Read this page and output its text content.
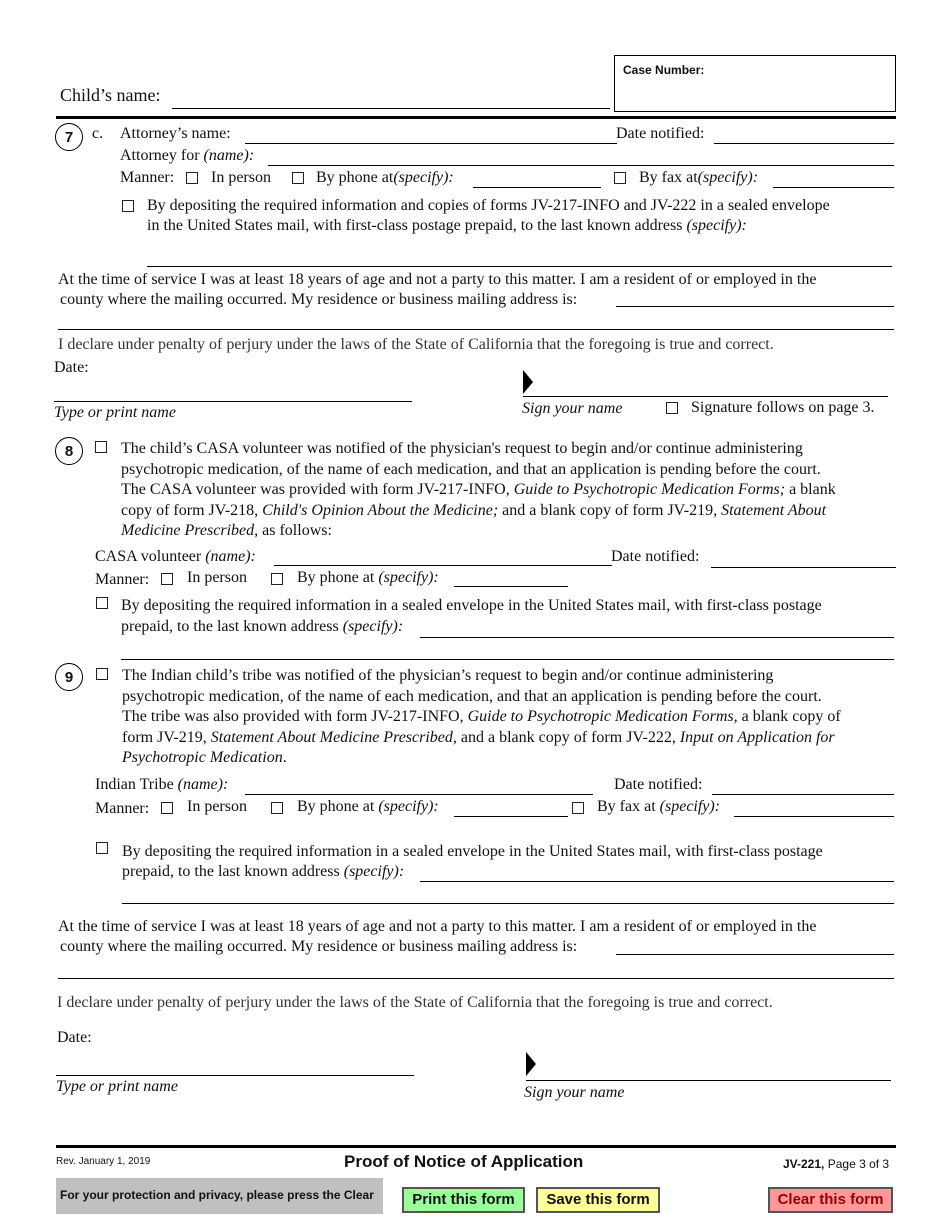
Case Number:
Child’s name:
7	c. Attorney’s name:	Date notified:
Attorney for (name):
Manner: In person	By phone at(specify):	By fax at(specify):
By depositing the required information and copies of forms JV-217-INFO and JV-222 in a sealed envelope
in the United States mail, with first-class postage prepaid, to the last known address (specify):
At the time of service I was at least 18 years of age and not a party to this matter. I am a resident of or employed in the
county where the mailing occurred. My residence or business mailing address is:
I declare under penalty of perjury under the laws of the State of California that the foregoing is true and correct.
Date:
Type or print name	Sign your name	Signature follows on page 3.
8	The child’s CASA volunteer was notified of the physician's request to begin and/or continue administering
psychotropic medication, of the name of each medication, and that an application is pending before the court.
The CASA volunteer was provided with form JV-217-INFO, Guide to Psychotropic Medication Forms; a blank
copy of form JV-218, Child's Opinion About the Medicine; and a blank copy of form JV-219, Statement About
Medicine Prescribed, as follows:
CASA volunteer (name):	Date notified:
Manner: In person	By phone at (specify):
By depositing the required information in a sealed envelope in the United States mail, with first-class postage
prepaid, to the last known address (specify):
9	The Indian child’s tribe was notified of the physician’s request to begin and/or continue administering
psychotropic medication, of the name of each medication, and that an application is pending before the court.
The tribe was also provided with form JV-217-INFO, Guide to Psychotropic Medication Forms, a blank copy of
form JV-219, Statement About Medicine Prescribed, and a blank copy of form JV-222, Input on Application for
Psychotropic Medication.
Indian Tribe (name):	Date notified:
Manner: In person	By phone at (specify):	By fax at (specify):
By depositing the required information in a sealed envelope in the United States mail, with first-class postage
prepaid, to the last known address (specify):
At the time of service I was at least 18 years of age and not a party to this matter. I am a resident of or employed in the
county where the mailing occurred. My residence or business mailing address is:
I declare under penalty of perjury under the laws of the State of California that the foregoing is true and correct.
Date:
Type or print name	Sign your name
Rev. January 1, 2019	Proof of Notice of Application	JV-221, Page 3 of 3
For your protection and privacy, please press the Clear	Print this form	Save this form	Clear this form
